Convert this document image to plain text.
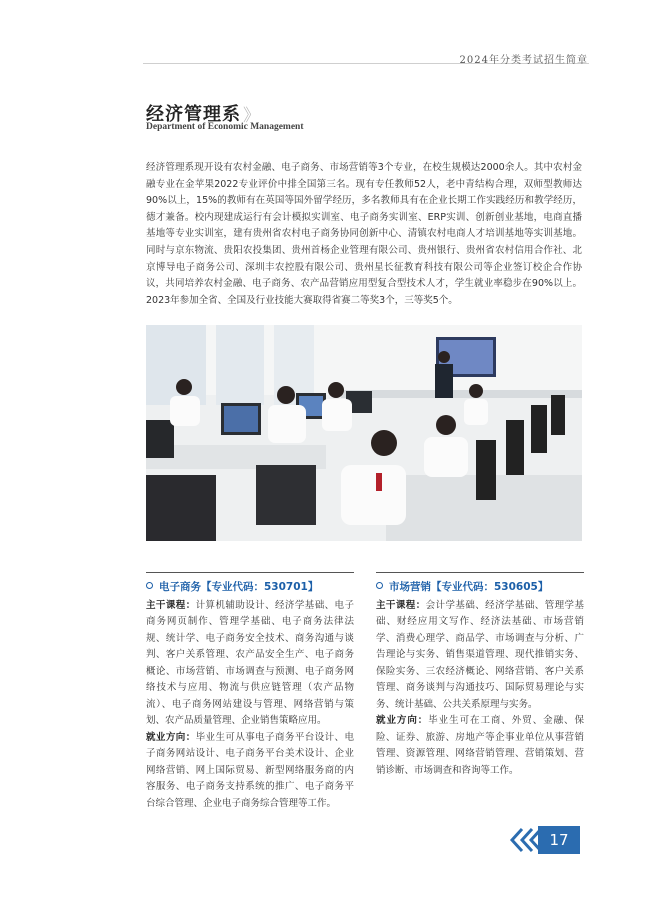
2024年分类考试招生简章
经济管理系 》
Department of Economic Management
经济管理系现开设有农村金融、电子商务、市场营销等3个专业，在校生规模达2000余人。其中农村金融专业在金苹果2022专业评价中排全国第三名。现有专任教师52人，老中青结构合理，双师型教师达90%以上，15%的教师有在英国等国外留学经历，多名教师具有在企业长期工作实践经历和教学经历，德才兼备。校内现建成运行有会计模拟实训室、电子商务实训室、ERP实训、创新创业基地，电商直播基地等专业实训室，建有贵州省农村电子商务协同创新中心、清镇农村电商人才培训基地等实训基地。同时与京东物流、贵阳农投集团、贵州首杨企业管理有限公司、贵州银行、贵州省农村信用合作社、北京博导电子商务公司、深圳丰农控股有限公司、贵州星长征教育科技有限公司等企业签订校企合作协议，共同培养农村金融、电子商务、农产品营销应用型复合型技术人才，学生就业率稳步在90%以上。2023年参加全省、全国及行业技能大赛取得省赛二等奖3个，三等奖5个。
电子商务【专业代码：530701】
主干课程：计算机辅助设计、经济学基础、电子商务网页制作、管理学基础、电子商务法律法规、统计学、电子商务安全技术、商务沟通与谈判、客户关系管理、农产品安全生产、电子商务概论、市场营销、市场调查与预测、电子商务网络技术与应用、物流与供应链管理（农产品物流）、电子商务网站建设与管理、网络营销与策划、农产品质量管理、企业销售策略应用。
就业方向：毕业生可从事电子商务平台设计、电子商务网站设计、电子商务平台美术设计、企业网络营销、网上国际贸易、新型网络服务商的内容服务、电子商务支持系统的推广、电子商务平台综合管理、企业电子商务综合管理等工作。
市场营销【专业代码：530605】
主干课程：会计学基础、经济学基础、管理学基础、财经应用文写作、经济法基础、市场营销学、消费心理学、商品学、市场调查与分析、广告理论与实务、销售渠道管理、现代推销实务、保险实务、三农经济概论、网络营销、客户关系管理、商务谈判与沟通技巧、国际贸易理论与实务、统计基础、公共关系原理与实务。
就业方向：毕业生可在工商、外贸、金融、保险、证券、旅游、房地产等企事业单位从事营销管理、资源管理、网络营销管理、营销策划、营销诊断、市场调查和咨询等工作。
17
